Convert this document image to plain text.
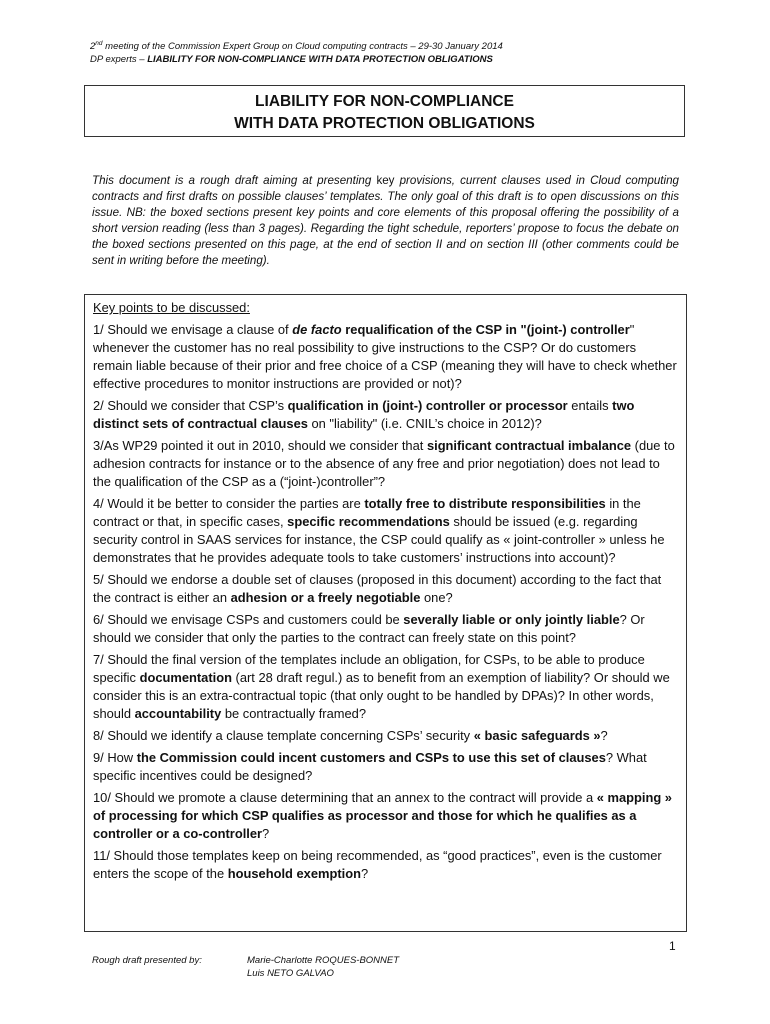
2nd meeting of the Commission Expert Group on Cloud computing contracts – 29-30 January 2014
DP experts – LIABILITY FOR NON-COMPLIANCE WITH DATA PROTECTION OBLIGATIONS
LIABILITY FOR NON-COMPLIANCE
WITH DATA PROTECTION OBLIGATIONS
This document is a rough draft aiming at presenting key provisions, current clauses used in Cloud computing contracts and first drafts on possible clauses’ templates. The only goal of this draft is to open discussions on this issue. NB: the boxed sections present key points and core elements of this proposal offering the possibility of a short version reading (less than 3 pages). Regarding the tight schedule, reporters’ propose to focus the debate on the boxed sections presented on this page, at the end of section II and on section III (other comments could be sent in writing before the meeting).

Key points to be discussed:

1/ Should we envisage a clause of de facto requalification of the CSP in "(joint-) controller" whenever the customer has no real possibility to give instructions to the CSP? Or do customers remain liable because of their prior and free choice of a CSP (meaning they will have to check whether effective procedures to monitor instructions are provided or not)?

2/ Should we consider that CSP’s qualification in (joint-) controller or processor entails two distinct sets of contractual clauses on "liability" (i.e. CNIL’s choice in 2012)?

3/As WP29 pointed it out in 2010, should we consider that significant contractual imbalance (due to adhesion contracts for instance or to the absence of any free and prior negotiation) does not lead to the qualification of the CSP as a (“joint-)controller”?

4/ Would it be better to consider the parties are totally free to distribute responsibilities in the contract or that, in specific cases, specific recommendations should be issued (e.g. regarding security control in SAAS services for instance, the CSP could qualify as « joint-controller » unless he demonstrates that he provides adequate tools to take customers’ instructions into account)?

5/ Should we endorse a double set of clauses (proposed in this document) according to the fact that the contract is either an adhesion or a freely negotiable one?

6/ Should we envisage CSPs and customers could be severally liable or only jointly liable? Or should we consider that only the parties to the contract can freely state on this point?

7/ Should the final version of the templates include an obligation, for CSPs, to be able to produce specific documentation (art 28 draft regul.) as to benefit from an exemption of liability? Or should we consider this is an extra-contractual topic (that only ought to be handled by DPAs)? In other words, should accountability be contractually framed?

8/ Should we identify a clause template concerning CSPs’ security « basic safeguards »?

9/ How the Commission could incent customers and CSPs to use this set of clauses? What specific incentives could be designed?

10/ Should we promote a clause determining that an annex to the contract will provide a « mapping » of processing for which CSP qualifies as processor and those for which he qualifies as a controller or a co-controller?

11/ Should those templates keep on being recommended, as “good practices”, even is the customer enters the scope of the household exemption?

1
Rough draft presented by:	Marie-Charlotte ROQUES-BONNET
Luis NETO GALVAO
